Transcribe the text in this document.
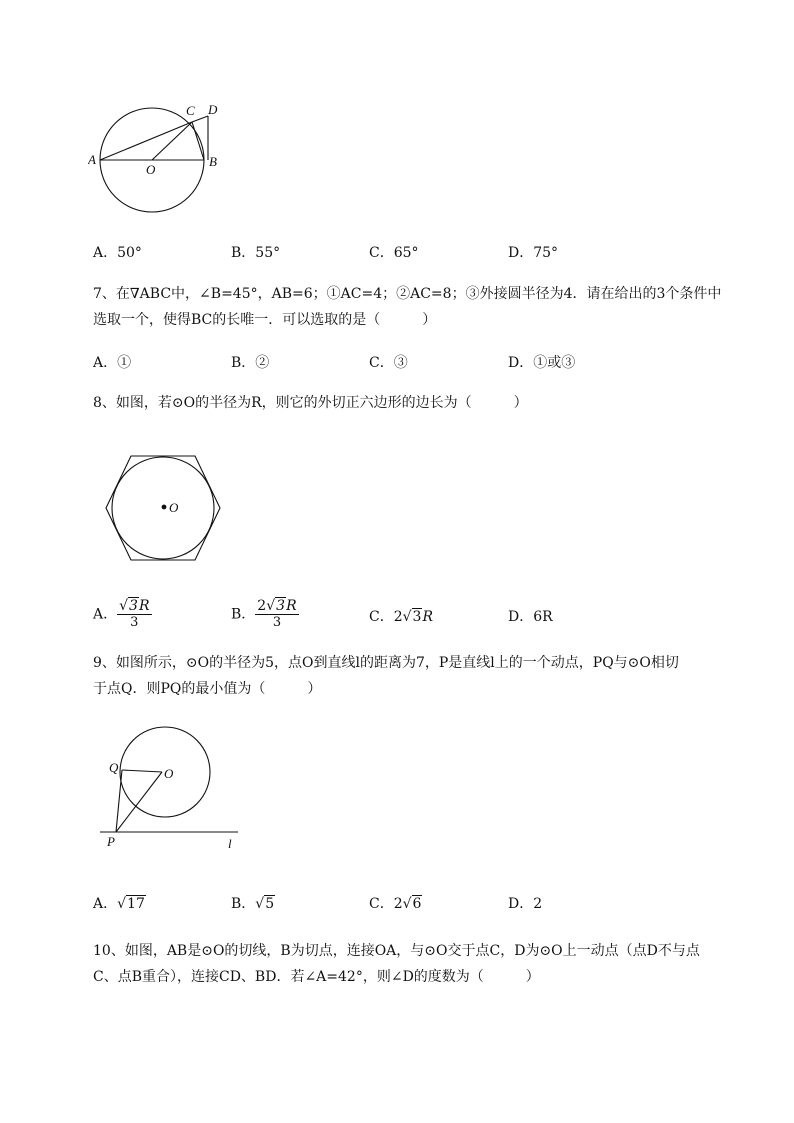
A	B
C D
O
A．50°	B．55°	C．65°	D．75°
7、在∇ABC中，∠B=45°，AB=6；①AC=4；②AC=8；③外接圆半径为4．请在给出的3个条件中
选取一个，使得BC的长唯一．可以选取的是（　　　）
A．①	B．②	C．③	D．①或③
8、如图，若⊙O的半径为R，则它的外切正六边形的边长为（　　　）
O
A． $\frac{√3R}{3}$	B． $\frac{2√3R}{3}$	C．2√3R	D．6R
9、如图所示，⊙O的半径为5，点O到直线l的距离为7，P是直线l上的一个动点，PQ与⊙O相切
于点Q．则PQ的最小值为（　　　）
Q	O
P	l
A．√17	B．√5	C．2√6	D．2
10、如图，AB是⊙O的切线，B为切点，连接OA，与⊙O交于点C，D为⊙O上一动点（点D不与点
C、点B重合），连接CD、BD．若∠A=42°，则∠D的度数为（　　　）
